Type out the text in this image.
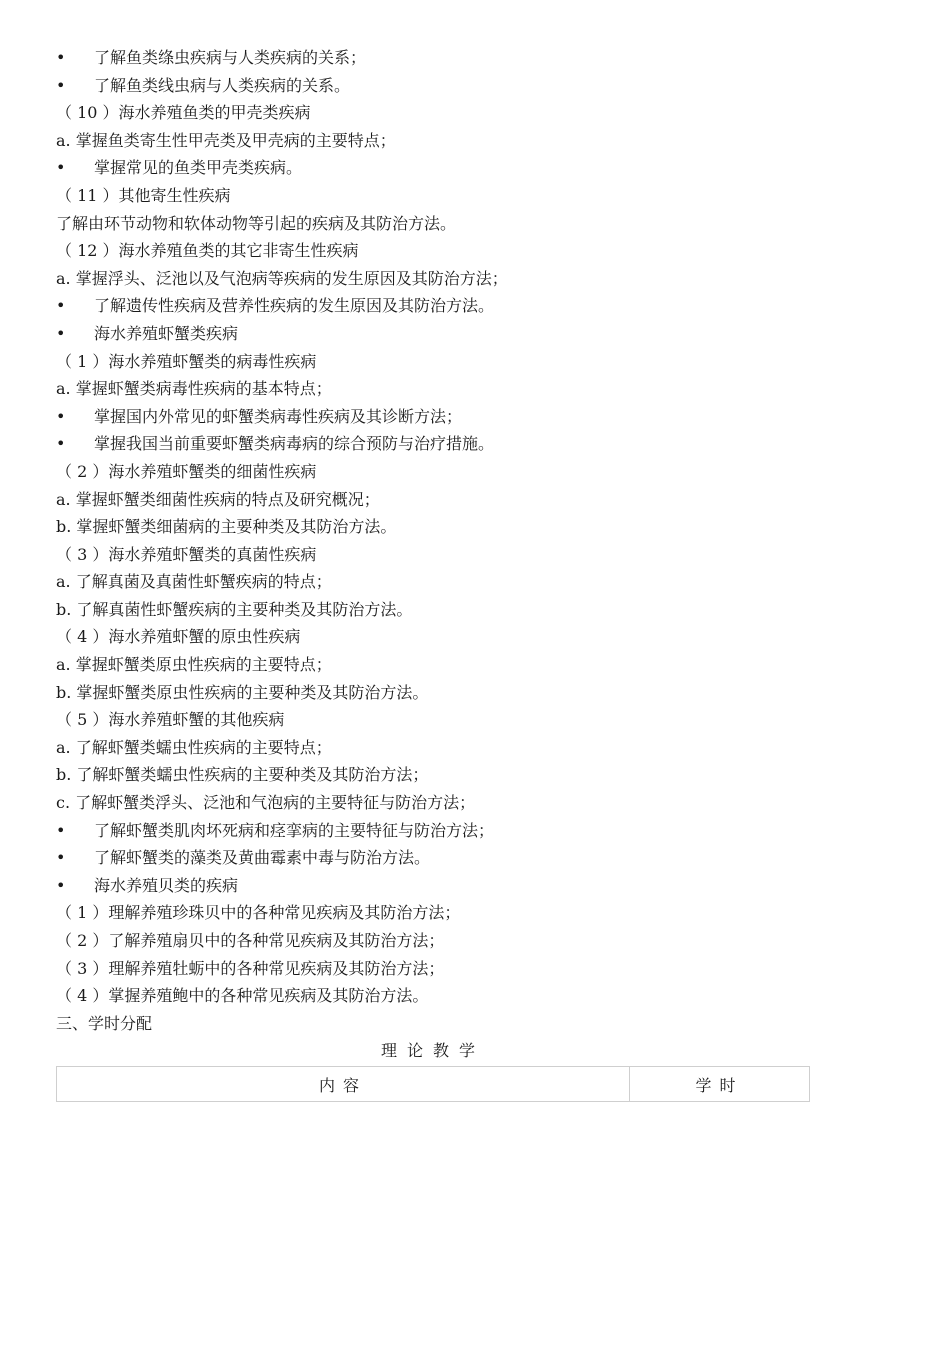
• 了解鱼类绦虫疾病与人类疾病的关系；
• 了解鱼类线虫病与人类疾病的关系。
（ 10 ）海水养殖鱼类的甲壳类疾病
a. 掌握鱼类寄生性甲壳类及甲壳病的主要特点；
• 掌握常见的鱼类甲壳类疾病。
（ 11 ）其他寄生性疾病
了解由环节动物和软体动物等引起的疾病及其防治方法。
（ 12 ）海水养殖鱼类的其它非寄生性疾病
a. 掌握浮头、泛池以及气泡病等疾病的发生原因及其防治方法；
• 了解遗传性疾病及营养性疾病的发生原因及其防治方法。
• 海水养殖虾蟹类疾病
（ 1 ）海水养殖虾蟹类的病毒性疾病
a. 掌握虾蟹类病毒性疾病的基本特点；
• 掌握国内外常见的虾蟹类病毒性疾病及其诊断方法；
• 掌握我国当前重要虾蟹类病毒病的综合预防与治疗措施。
（ 2 ）海水养殖虾蟹类的细菌性疾病
a. 掌握虾蟹类细菌性疾病的特点及研究概况；
b. 掌握虾蟹类细菌病的主要种类及其防治方法。
（ 3 ）海水养殖虾蟹类的真菌性疾病
a. 了解真菌及真菌性虾蟹疾病的特点；
b. 了解真菌性虾蟹疾病的主要种类及其防治方法。
（ 4 ）海水养殖虾蟹的原虫性疾病
a. 掌握虾蟹类原虫性疾病的主要特点；
b. 掌握虾蟹类原虫性疾病的主要种类及其防治方法。
（ 5 ）海水养殖虾蟹的其他疾病
a. 了解虾蟹类蠕虫性疾病的主要特点；
b. 了解虾蟹类蠕虫性疾病的主要种类及其防治方法；
c. 了解虾蟹类浮头、泛池和气泡病的主要特征与防治方法；
• 了解虾蟹类肌肉坏死病和痉挛病的主要特征与防治方法；
• 了解虾蟹类的藻类及黄曲霉素中毒与防治方法。
• 海水养殖贝类的疾病
（ 1 ）理解养殖珍珠贝中的各种常见疾病及其防治方法；
（ 2 ）了解养殖扇贝中的各种常见疾病及其防治方法；
（ 3 ）理解养殖牡蛎中的各种常见疾病及其防治方法；
（ 4 ）掌握养殖鲍中的各种常见疾病及其防治方法。
三、学时分配
理论教学
内容	学时
